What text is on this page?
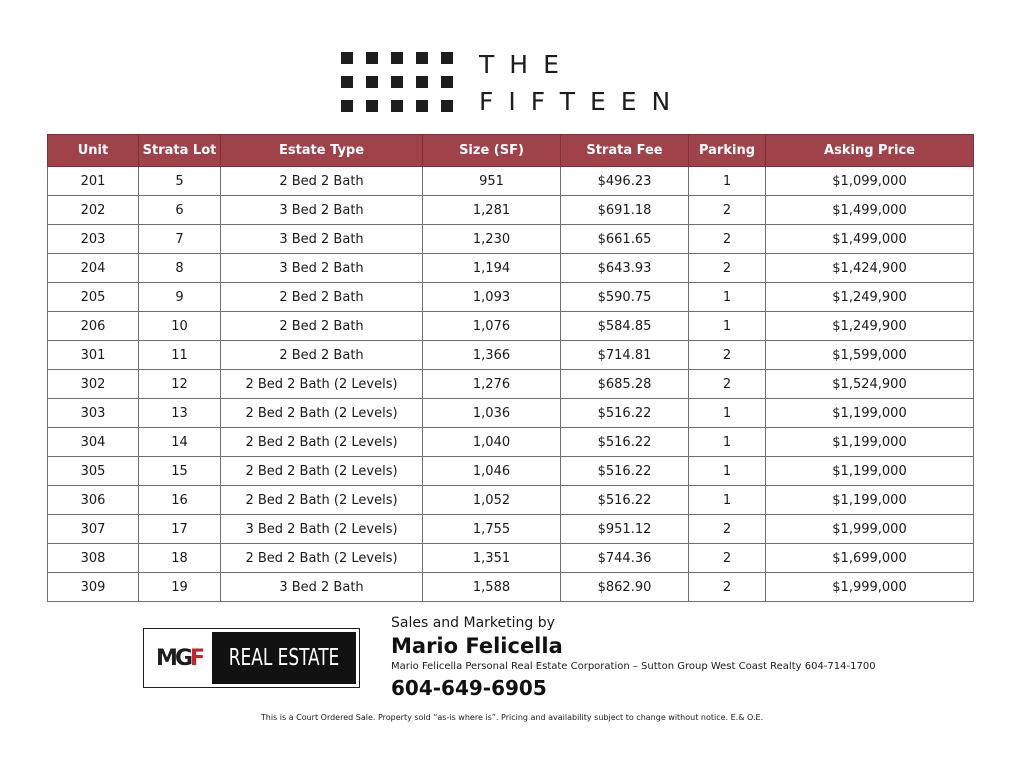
THE
FIFTEEN
Unit	Strata Lot	Estate Type	Size (SF)	Strata Fee	Parking	Asking Price
201	5	2 Bed 2 Bath	951	$496.23	1	$1,099,000
202	6	3 Bed 2 Bath	1,281	$691.18	2	$1,499,000
203	7	3 Bed 2 Bath	1,230	$661.65	2	$1,499,000
204	8	3 Bed 2 Bath	1,194	$643.93	2	$1,424,900
205	9	2 Bed 2 Bath	1,093	$590.75	1	$1,249,900
206	10	2 Bed 2 Bath	1,076	$584.85	1	$1,249,900
301	11	2 Bed 2 Bath	1,366	$714.81	2	$1,599,000
302	12	2 Bed 2 Bath (2 Levels)	1,276	$685.28	2	$1,524,900
303	13	2 Bed 2 Bath (2 Levels)	1,036	$516.22	1	$1,199,000
304	14	2 Bed 2 Bath (2 Levels)	1,040	$516.22	1	$1,199,000
305	15	2 Bed 2 Bath (2 Levels)	1,046	$516.22	1	$1,199,000
306	16	2 Bed 2 Bath (2 Levels)	1,052	$516.22	1	$1,199,000
307	17	3 Bed 2 Bath (2 Levels)	1,755	$951.12	2	$1,999,000
308	18	2 Bed 2 Bath (2 Levels)	1,351	$744.36	2	$1,699,000
309	19	3 Bed 2 Bath	1,588	$862.90	2	$1,999,000
M
G
F REAL ESTATE
Sales and Marketing by
Mario Felicella
Mario Felicella Personal Real Estate Corporation – Sutton Group West Coast Realty 604-714-1700
604-649-6905
This is a Court Ordered Sale. Property sold “as-is where is”. Pricing and availability subject to change without notice. E.& O.E.
